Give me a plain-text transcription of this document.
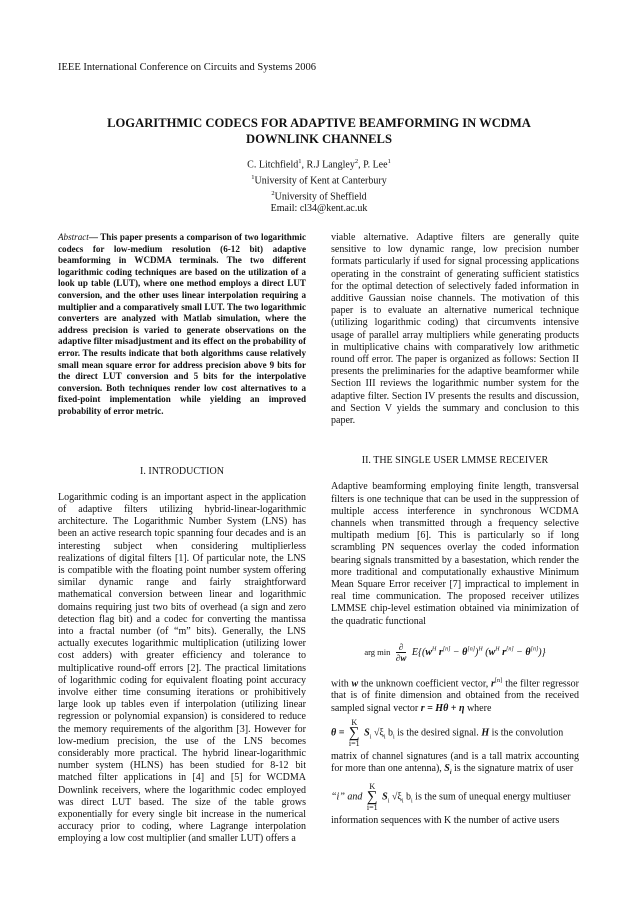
IEEE International Conference on Circuits and Systems 2006
LOGARITHMIC CODECS FOR ADAPTIVE BEAMFORMING IN WCDMA
DOWNLINK CHANNELS
C. Litchfield$^1$, R.J Langley$^2$, P. Lee$^1$
$^1$University of Kent at Canterbury
$^2$University of Sheffield
Email: cl34@kent.ac.uk

Abstract— This paper presents a comparison of two logarithmic codecs for low-medium resolution (6-12 bit) adaptive beamforming in WCDMA terminals. The two different logarithmic coding techniques are based on the utilization of a look up table (LUT), where one method employs a direct LUT conversion, and the other uses linear interpolation requiring a multiplier and a comparatively small LUT. The two logarithmic converters are analyzed with Matlab simulation, where the address precision is varied to generate observations on the adaptive filter misadjustment and its effect on the probability of error. The results indicate that both algorithms cause relatively small mean square error for address precision above 9 bits for the direct LUT conversion and 5 bits for the interpolative conversion. Both techniques render low cost alternatives to a fixed-point implementation while yielding an improved probability of error metric.

I. INTRODUCTION

Logarithmic coding is an important aspect in the application of adaptive filters utilizing hybrid-linear-logarithmic architecture. The Logarithmic Number System (LNS) has been an active research topic spanning four decades and is an interesting subject when considering multiplierless realizations of digital filters [1]. Of particular note, the LNS is compatible with the floating point number system offering similar dynamic range and fairly straightforward mathematical conversion between linear and logarithmic domains requiring just two bits of overhead (a sign and zero detection flag bit) and a codec for converting the mantissa into a fractal number (of “m” bits). Generally, the LNS actually executes logarithmic multiplication (utilizing lower cost adders) with greater efficiency and tolerance to multiplicative round-off errors [2]. The practical limitations of logarithmic coding for equivalent floating point accuracy involve either time consuming iterations or prohibitively large look up tables even if interpolation (utilizing linear regression or polynomial expansion) is considered to reduce the memory requirements of the algorithm [3]. However for low-medium precision, the use of the LNS becomes considerably more practical. The hybrid linear-logarithmic number system (HLNS) has been studied for 8-12 bit matched filter applications in [4] and [5] for WCDMA Downlink receivers, where the logarithmic codec employed was direct LUT based. The size of the table grows exponentially for every single bit increase in the numerical accuracy prior to coding, where Lagrange interpolation employing a low cost multiplier (and smaller LUT) offers a

viable alternative. Adaptive filters are generally quite sensitive to low dynamic range, low precision number formats particularly if used for signal processing applications operating in the constraint of generating sufficient statistics for the optimal detection of selectively faded information in additive Gaussian noise channels. The motivation of this paper is to evaluate an alternative numerical technique (utilizing logarithmic coding) that circumvents intensive usage of parallel array multipliers while generating products in multiplicative chains with comparatively low arithmetic round off error. The paper is organized as follows: Section II presents the preliminaries for the adaptive beamformer while Section III reviews the logarithmic number system for the adaptive filter. Section IV presents the results and discussion, and Section V yields the summary and conclusion to this paper.

II. THE SINGLE USER LMMSE RECEIVER

Adaptive beamforming employing finite length, transversal filters is one technique that can be used in the suppression of multiple access interference in synchronous WCDMA channels when transmitted through a frequency selective multipath medium [6]. This is particularly so if long scrambling PN sequences overlay the coded information bearing signals transmitted by a basestation, which render the more traditional and computationally exhaustive Minimum Mean Square Error receiver [7] impractical to implement in real time communication. The proposed receiver utilizes LMMSE chip-level estimation obtained via minimization of the quadratic functional

arg min ∂
∂w
$E\{(w^H$ r[n] − θ[n])$^H$ ($w^H$ r[n] − θ[n])}

with w the unknown coefficient vector, r[n] the filter regressor that is of finite dimension and obtained from the received sampled signal vector r = Hθ + η where

θ = K
∑
i=1 $S_i$ $√\xi_i$ $b_i$ is the desired signal. H is the convolution

matrix of channel signatures (and is a tall matrix accounting for more than one antenna), $S_i$ is the signature matrix of user

“i” and K
∑
i=1 $S_i$ $√\xi_i$ $b_i$ is the sum of unequal energy multiuser

information sequences with K the number of active users
